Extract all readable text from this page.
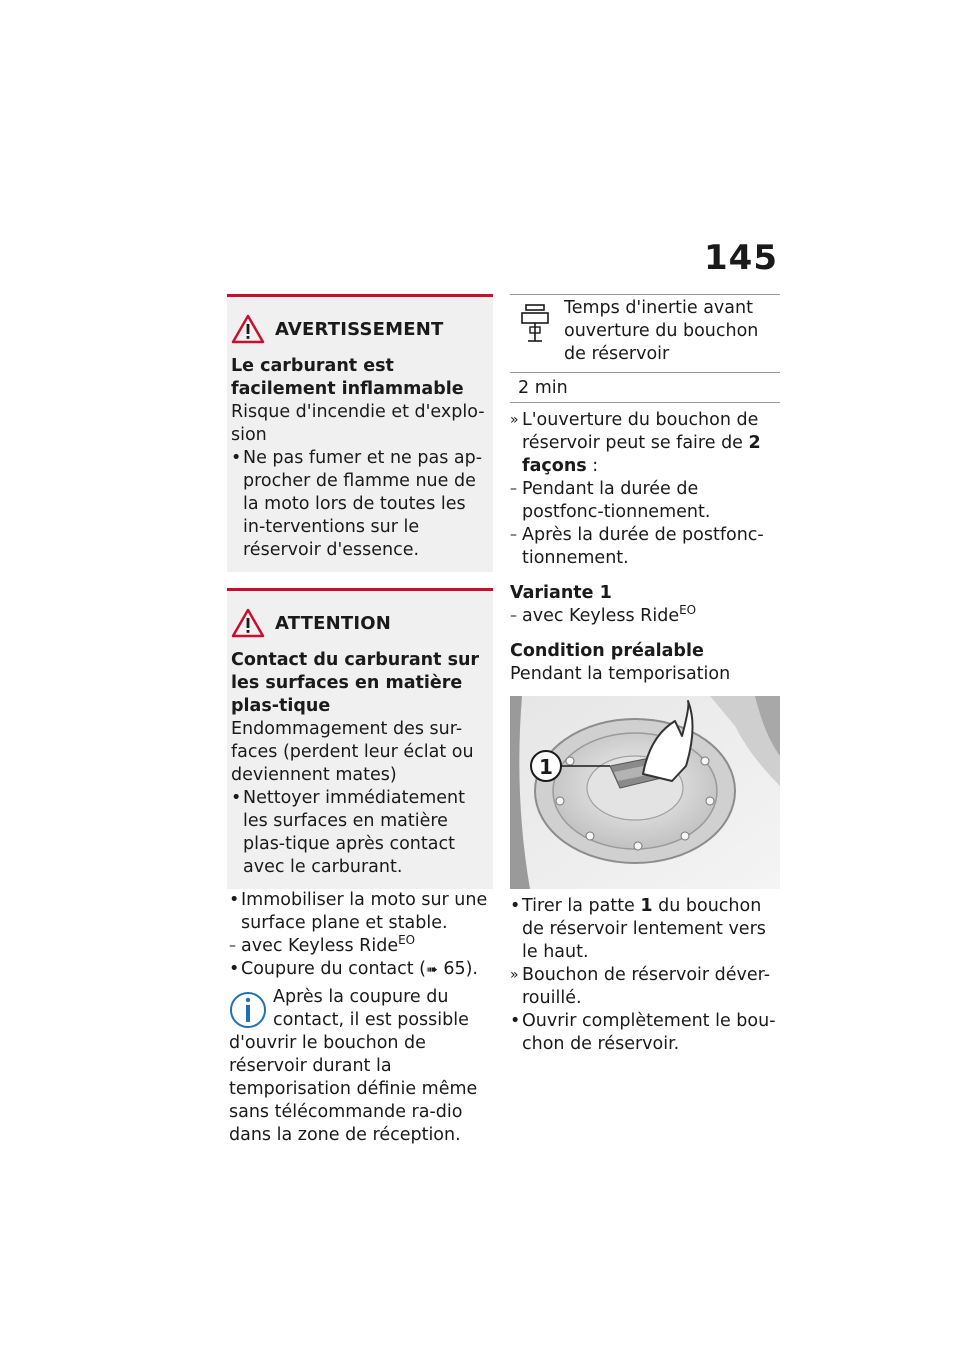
145
AVERTISSEMENT

Le carburant est facilement inflammable

Risque d'incendie et d'explo-sion

• Ne pas fumer et ne pas ap-procher de flamme nue de la moto lors de toutes les in-terventions sur le réservoir d'essence.
ATTENTION

Contact du carburant sur les surfaces en matière plas-tique

Endommagement des sur-faces (perdent leur éclat ou deviennent mates)

• Nettoyer immédiatement les surfaces en matière plas-tique après contact avec le carburant.
• Immobiliser la moto sur une surface plane et stable.
– avec Keyless Ride$^{EO}$
• Coupure du contact (➠ 65).

Après la coupure du contact, il est possible d'ouvrir le bouchon de réservoir durant la temporisation définie même sans télécommande ra-dio dans la zone de réception.

Temps d'inertie avant ouverture du bouchon de réservoir
2 min
» L'ouverture du bouchon de réservoir peut se faire de 2 façons :
– Pendant la durée de postfonc-tionnement.
– Après la durée de postfonc-tionnement.

Variante 1

– avec Keyless Ride$^{EO}$

Condition préalable

Pendant la temporisation

1
• Tirer la patte 1 du bouchon de réservoir lentement vers le haut.
» Bouchon de réservoir déver-rouillé.
• Ouvrir complètement le bou-chon de réservoir.
